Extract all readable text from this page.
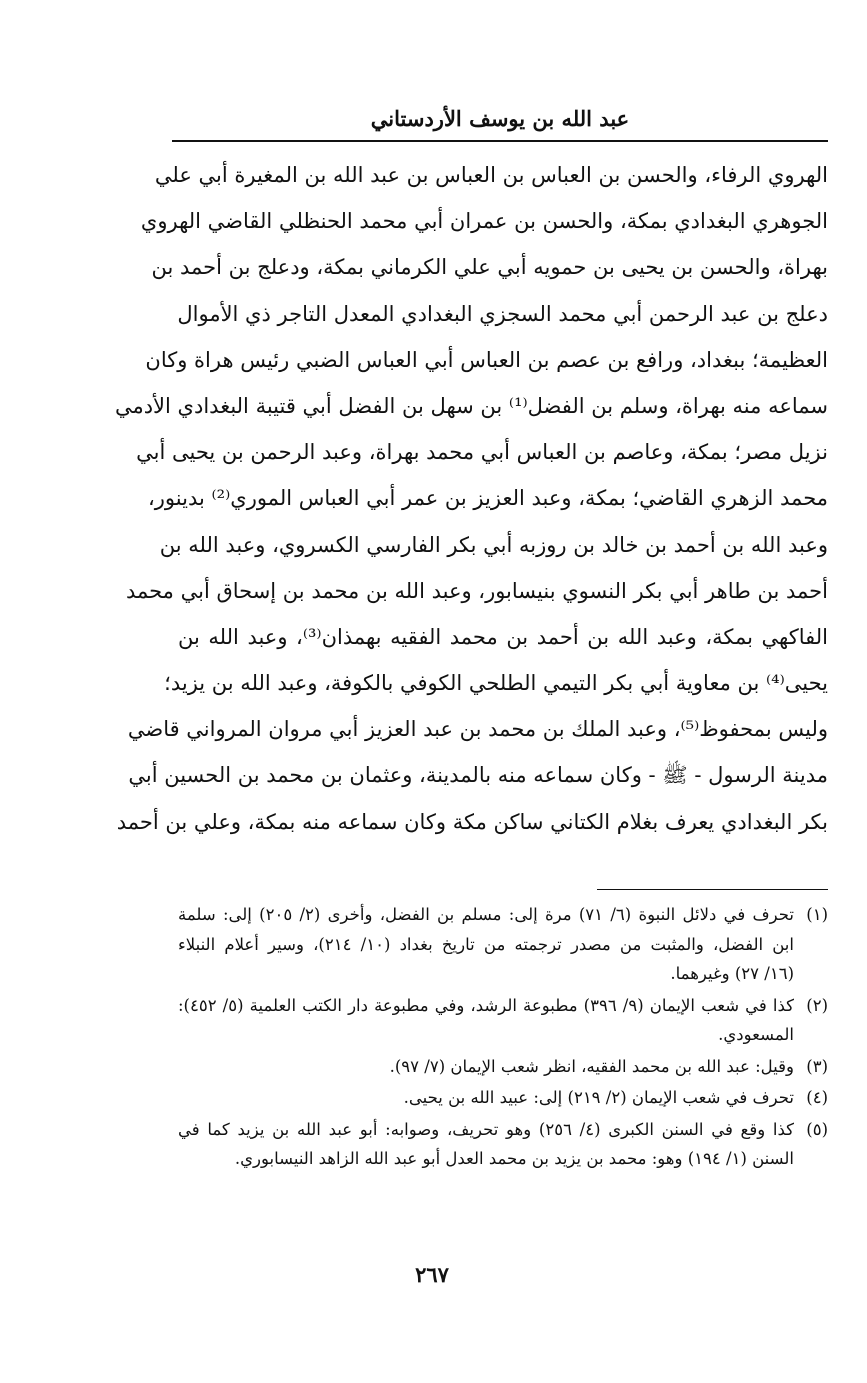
عبد الله بن يوسف الأردستاني
الهروي الرفاء، والحسن بن العباس بن العباس بن عبد الله بن المغيرة أبي علي
الجوهري البغدادي بمكة، والحسن بن عمران أبي محمد الحنظلي القاضي الهروي
بهراة، والحسن بن يحيى بن حمويه أبي علي الكرماني بمكة، ودعلج بن أحمد بن
دعلج بن عبد الرحمن أبي محمد السجزي البغدادي المعدل التاجر ذي الأموال
العظيمة؛ ببغداد، ورافع بن عصم بن العباس أبي العباس الضبي رئيس هراة وكان
سماعه منه بهراة، وسلم بن الفضل⁽¹⁾ بن سهل بن الفضل أبي قتيبة البغدادي الأدمي
نزيل مصر؛ بمكة، وعاصم بن العباس أبي محمد بهراة، وعبد الرحمن بن يحيى أبي
محمد الزهري القاضي؛ بمكة، وعبد العزيز بن عمر أبي العباس الموري⁽²⁾ بدينور،
وعبد الله بن أحمد بن خالد بن روزبه أبي بكر الفارسي الكسروي، وعبد الله بن
أحمد بن طاهر أبي بكر النسوي بنيسابور، وعبد الله بن محمد بن إسحاق أبي محمد
الفاكهي بمكة، وعبد الله بن أحمد بن محمد الفقيه بهمذان⁽³⁾، وعبد الله بن
يحيى⁽⁴⁾ بن معاوية أبي بكر التيمي الطلحي الكوفي بالكوفة، وعبد الله بن يزيد؛
وليس بمحفوظ⁽⁵⁾، وعبد الملك بن محمد بن عبد العزيز أبي مروان المرواني قاضي
مدينة الرسول - ﷺ - وكان سماعه منه بالمدينة، وعثمان بن محمد بن الحسين أبي
بكر البغدادي يعرف بغلام الكتاني ساكن مكة وكان سماعه منه بمكة، وعلي بن أحمد
(١)
تحرف في دلائل النبوة (٦/ ٧١) مرة إلى: مسلم بن الفضل، وأخرى (٢/ ٢٠٥) إلى: سلمة
ابن الفضل، والمثبت من مصدر ترجمته من تاريخ بغداد (١٠/ ٢١٤)، وسير أعلام النبلاء
(١٦/ ٢٧) وغيرهما.
(٢)
كذا في شعب الإيمان (٩/ ٣٩٦) مطبوعة الرشد، وفي مطبوعة دار الكتب العلمية (٥/ ٤٥٢):
المسعودي.
(٣)
وقيل: عبد الله بن محمد الفقيه، انظر شعب الإيمان (٧/ ٩٧).
(٤)
تحرف في شعب الإيمان (٢/ ٢١٩) إلى: عبيد الله بن يحيى.
(٥)
كذا وقع في السنن الكبرى (٤/ ٢٥٦) وهو تحريف، وصوابه: أبو عبد الله بن يزيد كما في
السنن (١/ ١٩٤) وهو: محمد بن يزيد بن محمد العدل أبو عبد الله الزاهد النيسابوري.
٢٦٧
